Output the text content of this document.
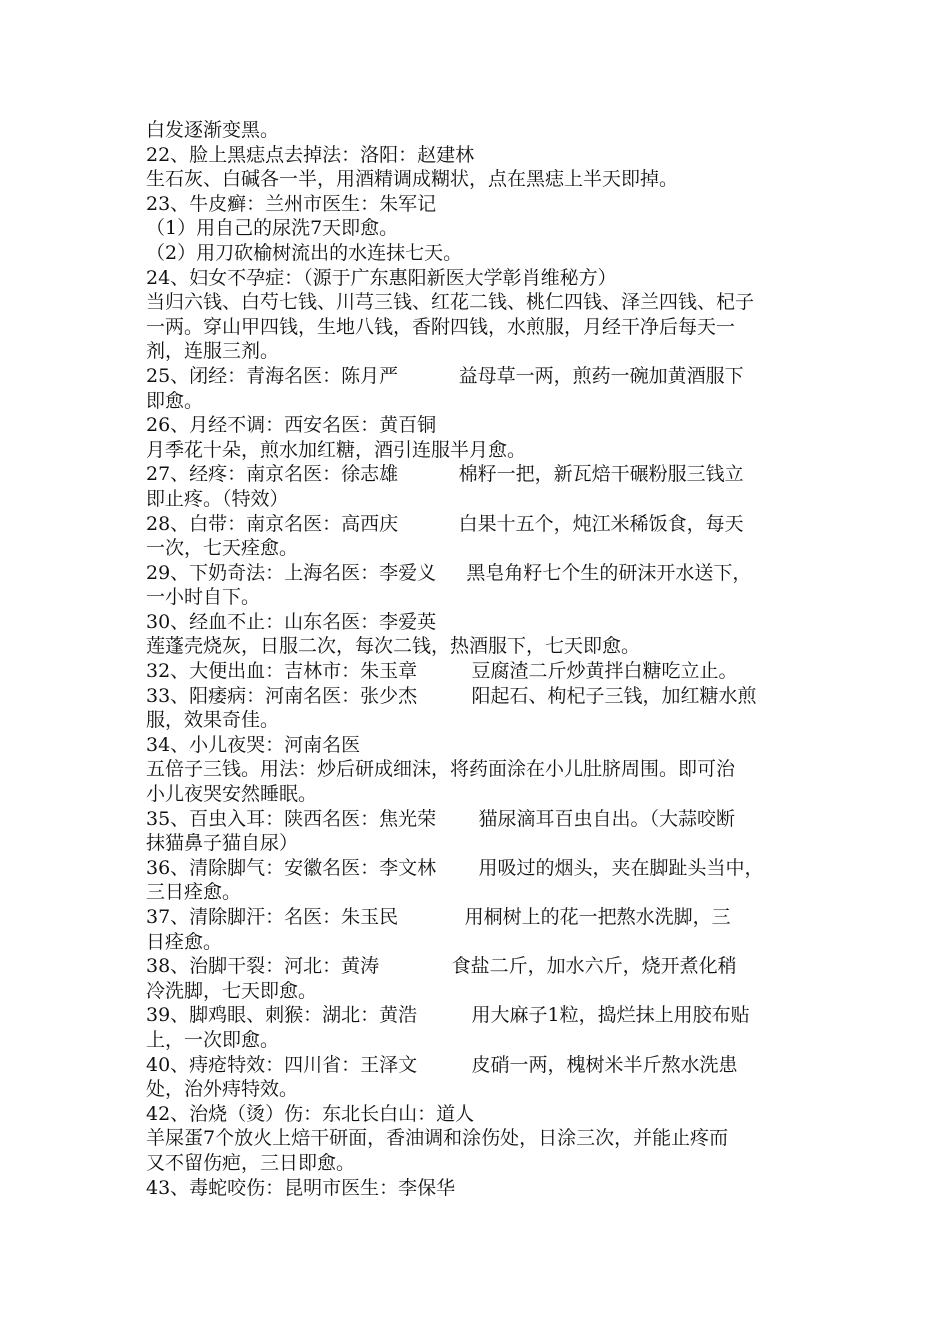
白发逐渐变黑。
22、脸上黑痣点去掉法：洛阳：赵建林
生石灰、白碱各一半，用酒精调成糊状，点在黑痣上半天即掉。
23、牛皮癣：兰州市医生：朱军记
（1）用自己的尿洗7天即愈。
（2）用刀砍榆树流出的水连抹七天。
24、妇女不孕症：（源于广东惠阳新医大学彰肖维秘方）
当归六钱、白芍七钱、川芎三钱、红花二钱、桃仁四钱、泽兰四钱、杞子
一两。穿山甲四钱，生地八钱，香附四钱，水煎服，月经干净后每天一
剂，连服三剂。
25、闭经：青海名医：陈月严          益母草一两，煎药一碗加黄酒服下
即愈。
26、月经不调：西安名医：黄百铜
月季花十朵，煎水加红糖，酒引连服半月愈。
27、经疼：南京名医：徐志雄          棉籽一把，新瓦焙干碾粉服三钱立
即止疼。（特效）
28、白带：南京名医：高西庆          白果十五个，炖江米稀饭食，每天
一次，七天痊愈。
29、下奶奇法：上海名医：李爱义     黑皂角籽七个生的研沫开水送下，
一小时自下。
30、经血不止：山东名医：李爱英
莲蓬壳烧灰，日服二次，每次二钱，热酒服下，七天即愈。
32、大便出血：吉林市：朱玉章         豆腐渣二斤炒黄拌白糖吃立止。
33、阳痿病：河南名医：张少杰         阳起石、枸杞子三钱，加红糖水煎
服，效果奇佳。
34、小儿夜哭：河南名医
五倍子三钱。用法：炒后研成细沫，将药面涂在小儿肚脐周围。即可治
小儿夜哭安然睡眠。
35、百虫入耳：陕西名医：焦光荣       猫尿滴耳百虫自出。（大蒜咬断
抹猫鼻子猫自尿）
36、清除脚气：安徽名医：李文林       用吸过的烟头，夹在脚趾头当中，
三日痊愈。
37、清除脚汗：名医：朱玉民           用桐树上的花一把熬水洗脚，三
日痊愈。
38、治脚干裂：河北：黄涛            食盐二斤，加水六斤，烧开煮化稍
冷洗脚，七天即愈。
39、脚鸡眼、刺猴：湖北：黄浩         用大麻子1粒，捣烂抹上用胶布贴
上，一次即愈。
40、痔疮特效：四川省：王泽文         皮硝一两，槐树米半斤熬水洗患
处，治外痔特效。
42、治烧（烫）伤：东北长白山：道人
羊屎蛋7个放火上焙干研面，香油调和涂伤处，日涂三次，并能止疼而
又不留伤疤，三日即愈。
43、毒蛇咬伤：昆明市医生：李保华
